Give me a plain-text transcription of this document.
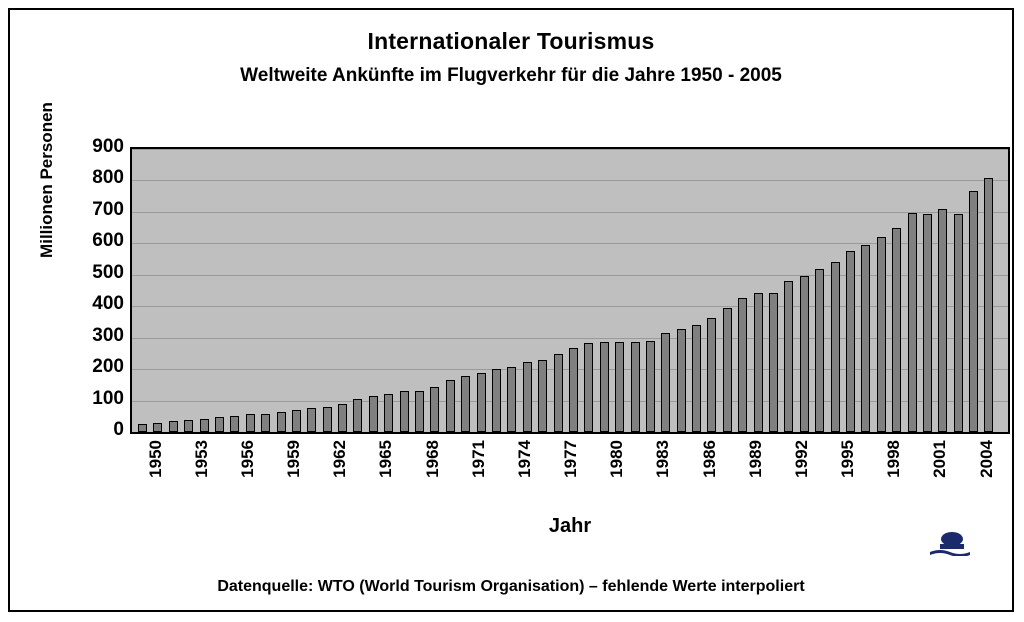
Internationaler Tourismus
Weltweite Ankünfte im Flugverkehr für die Jahre 1950 - 2005
Millionen Personen
0
100
200
300
400
500
600
700
800
900
1950 1953 1956 1959 1962 1965 1968 1971 1974 1977 1980 1983 1986 1989 1992 1995 1998 2001 2004
Jahr
Datenquelle: WTO (World Tourism Organisation) – fehlende Werte interpoliert
